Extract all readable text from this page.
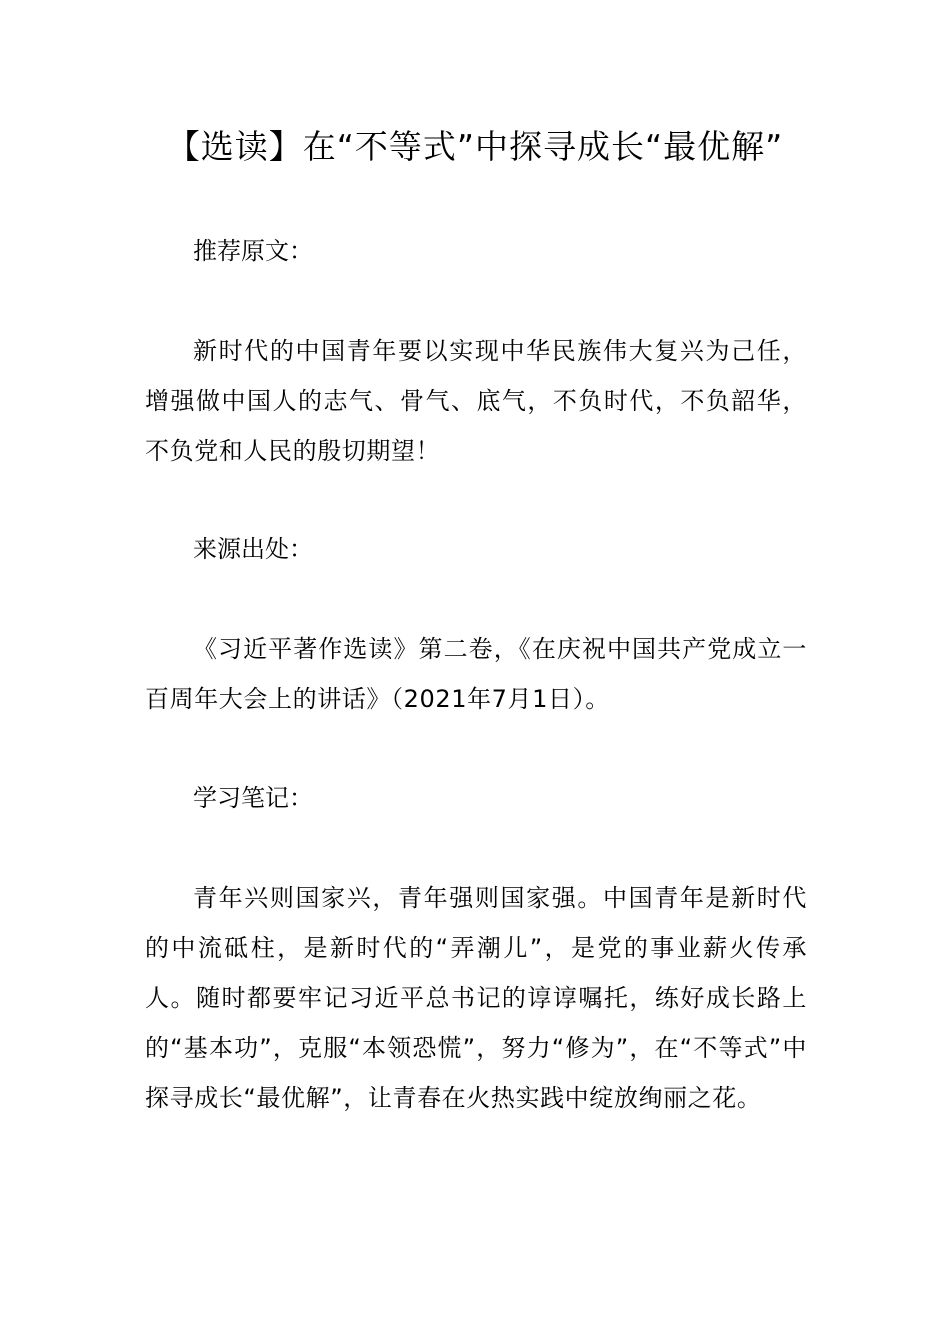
【选读】在“不等式”中探寻成长“最优解”
推荐原文：
新时代的中国青年要以实现中华民族伟大复兴为己任，增强做中国人的志气、骨气、底气，不负时代，不负韶华，不负党和人民的殷切期望！
来源出处：
《习近平著作选读》第二卷，《在庆祝中国共产党成立一百周年大会上的讲话》（2021年7月1日）。
学习笔记：
青年兴则国家兴，青年强则国家强。中国青年是新时代的中流砥柱，是新时代的“弄潮儿”，是党的事业薪火传承人。随时都要牢记习近平总书记的谆谆嘱托，练好成长路上的“基本功”，克服“本领恐慌”，努力“修为”，在“不等式”中探寻成长“最优解”，让青春在火热实践中绽放绚丽之花。
